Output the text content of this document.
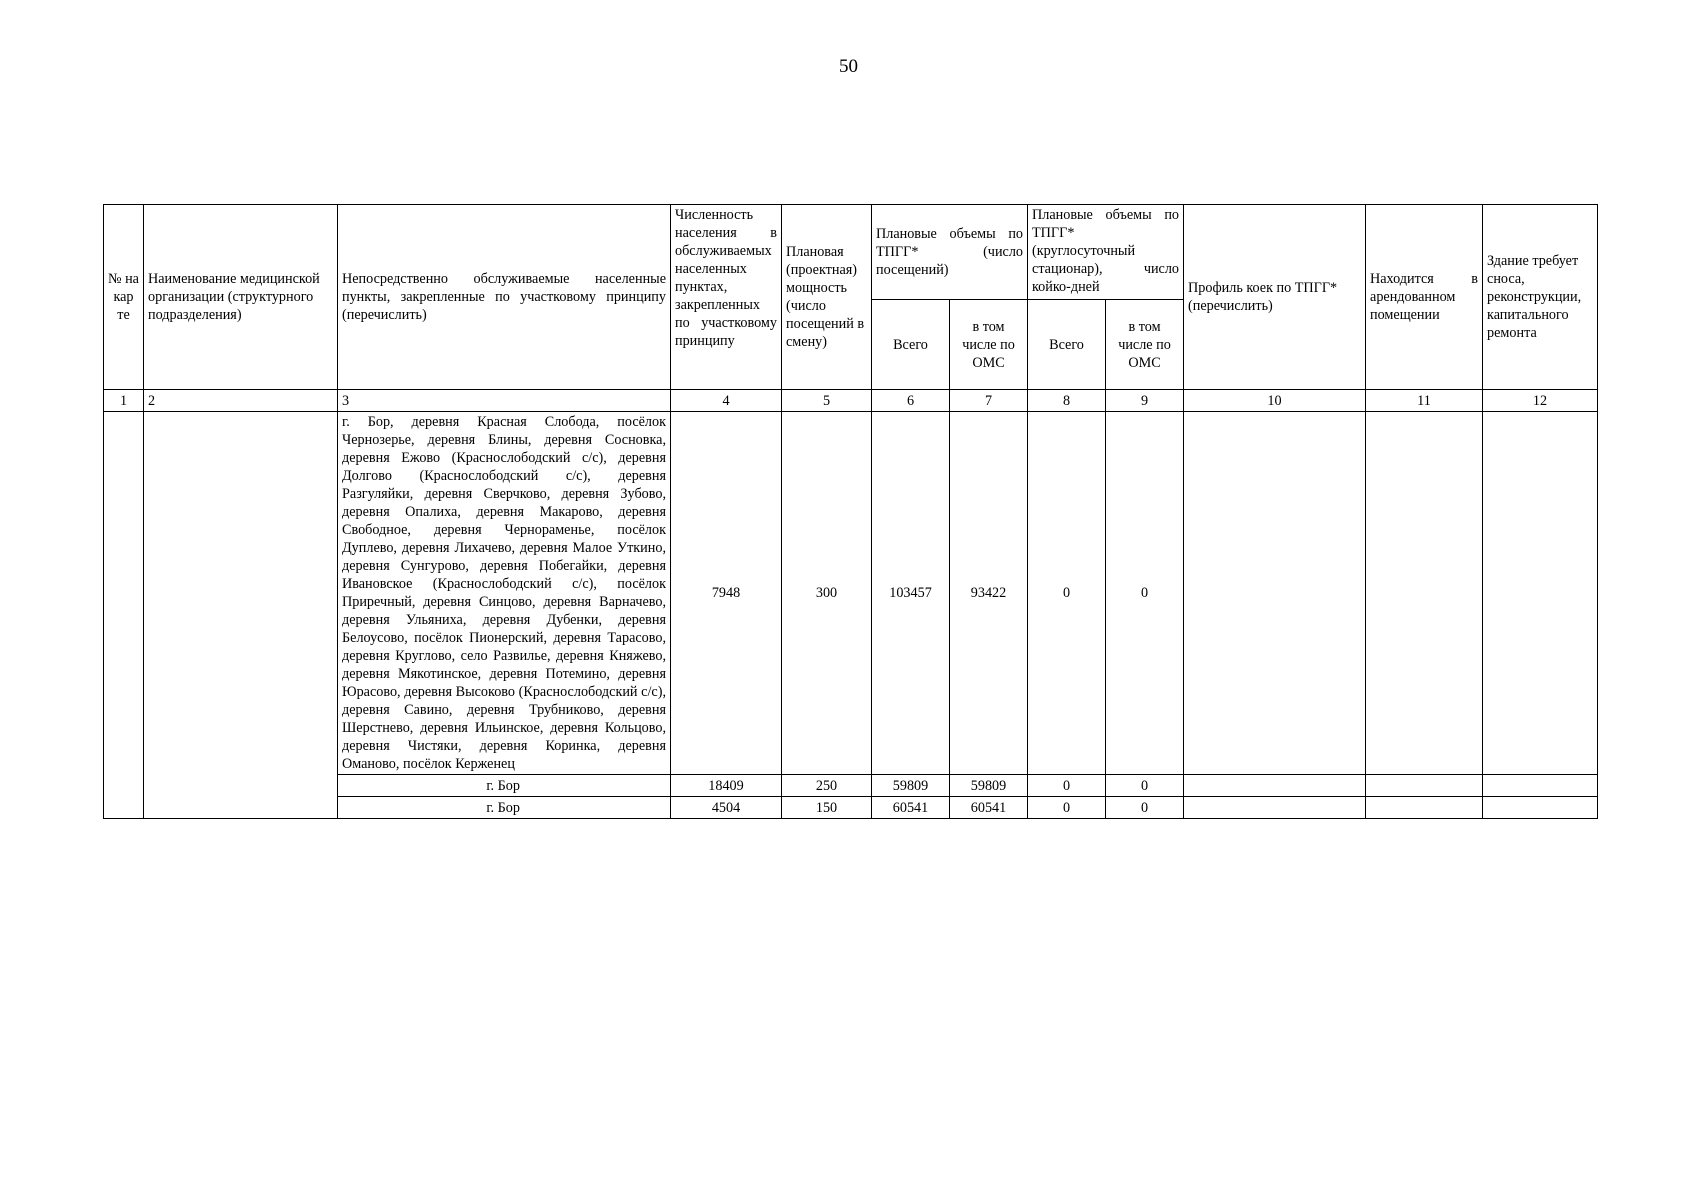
50
№ на кар те	Наименование медицинской организации (структурного подразделения)	Непосредственно обслуживаемые населенные пункты, закрепленные по участковому принципу (перечислить)	Численность населения в обслуживаемых населенных пунктах, закрепленных по участковому принципу	Плановая (проектная) мощность (число посещений в смену)	Плановые объемы по ТПГГ* (число посещений)		Плановые объемы по ТПГГ* (круглосуточный стационар), число койко-дней		Профиль коек по ТПГГ* (перечислить)	Находится в арендованном помещении	Здание требует сноса, реконструкции, капитального ремонта
					Всего	в том числе по ОМС	Всего	в том числе по ОМС			
1	2	3	4	5	6	7	8	9	10	11	12
		г. Бор, деревня Красная Слобода, посёлок Чернозерье, деревня Блины, деревня Сосновка, деревня Ежово (Краснослободский с/с), деревня Долгово (Краснослободский с/с), деревня Разгуляйки, деревня Сверчково, деревня Зубово, деревня Опалиха, деревня Макарово, деревня Свободное, деревня Чернораменье, посёлок Дуплево, деревня Лихачево, деревня Малое Уткино, деревня Сунгурово, деревня Побегайки, деревня Ивановское (Краснослободский с/с), посёлок Приречный, деревня Синцово, деревня Варначево, деревня Ульяниха, деревня Дубенки, деревня Белоусово, посёлок Пионерский, деревня Тарасово, деревня Круглово, село Развилье, деревня Княжево, деревня Мякотинское, деревня Потемино, деревня Юрасово, деревня Высоково (Краснослободский с/с), деревня Савино, деревня Трубниково, деревня Шерстнево, деревня Ильинское, деревня Кольцово, деревня Чистяки, деревня Коринка, деревня Омановo, посёлок Керженец	7948	300	103457	93422	0	0			
		г. Бор	18409	250	59809	59809	0	0			
		г. Бор	4504	150	60541	60541	0	0			
